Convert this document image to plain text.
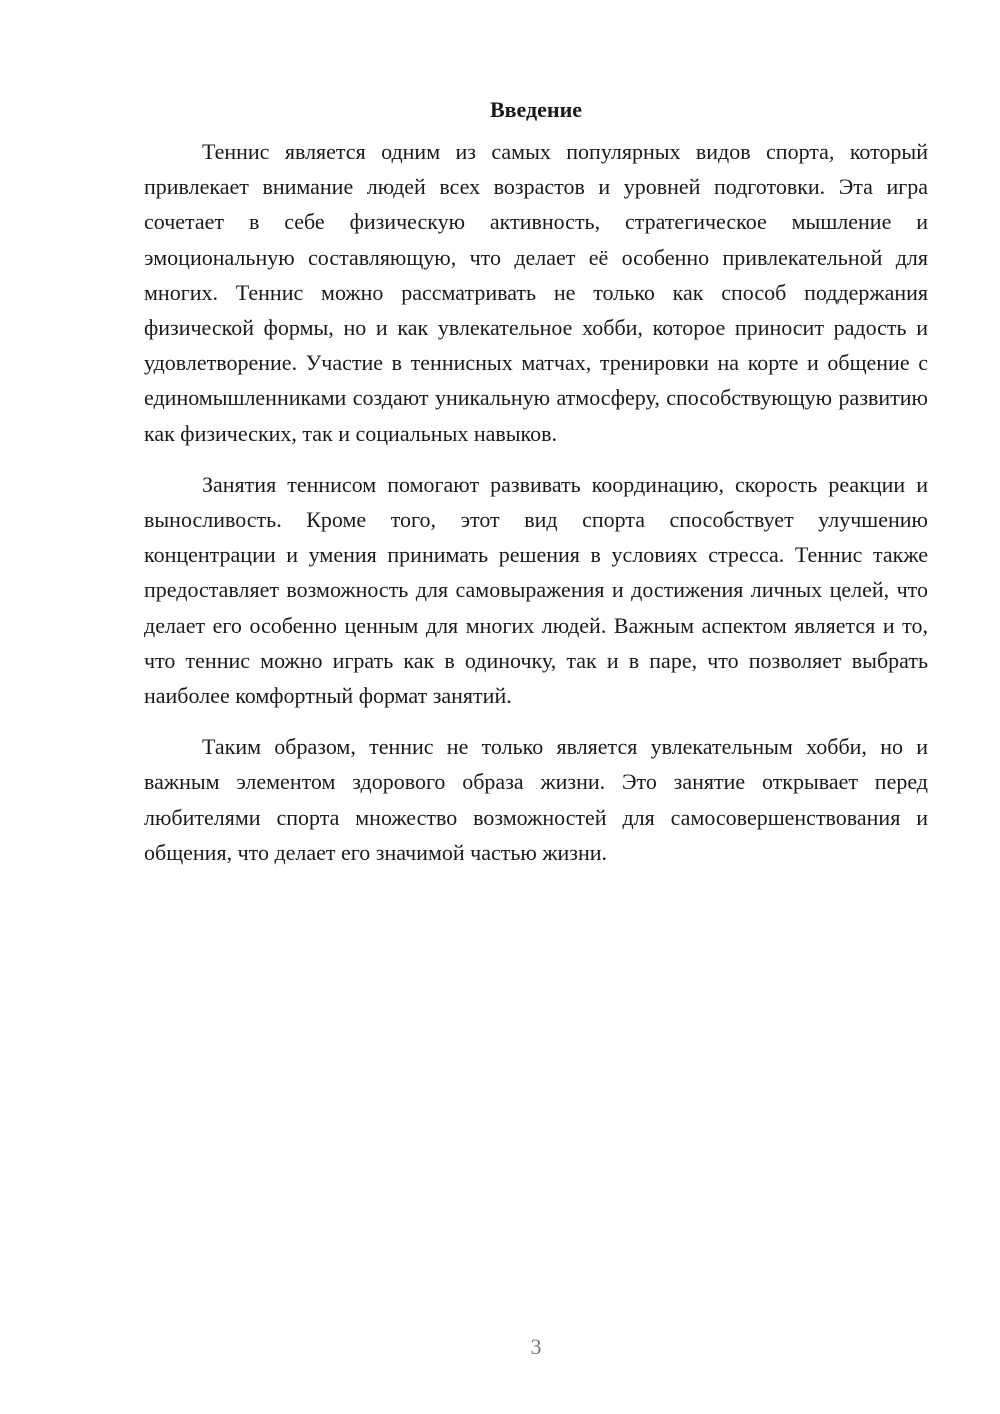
Введение

Теннис является одним из самых популярных видов спорта, который привлекает внимание людей всех возрастов и уровней подготовки. Эта игра сочетает в себе физическую активность, стратегическое мышление и эмоциональную составляющую, что делает её особенно привлекательной для многих. Теннис можно рассматривать не только как способ поддержания физической формы, но и как увлекательное хобби, которое приносит радость и удовлетворение. Участие в теннисных матчах, тренировки на корте и общение с единомышленниками создают уникальную атмосферу, способствующую развитию как физических, так и социальных навыков.

Занятия теннисом помогают развивать координацию, скорость реакции и выносливость. Кроме того, этот вид спорта способствует улучшению концентрации и умения принимать решения в условиях стресса. Теннис также предоставляет возможность для самовыражения и достижения личных целей, что делает его особенно ценным для многих людей. Важным аспектом является и то, что теннис можно играть как в одиночку, так и в паре, что позволяет выбрать наиболее комфортный формат занятий.

Таким образом, теннис не только является увлекательным хобби, но и важным элементом здорового образа жизни. Это занятие открывает перед любителями спорта множество возможностей для самосовершенствования и общения, что делает его значимой частью жизни.

3
